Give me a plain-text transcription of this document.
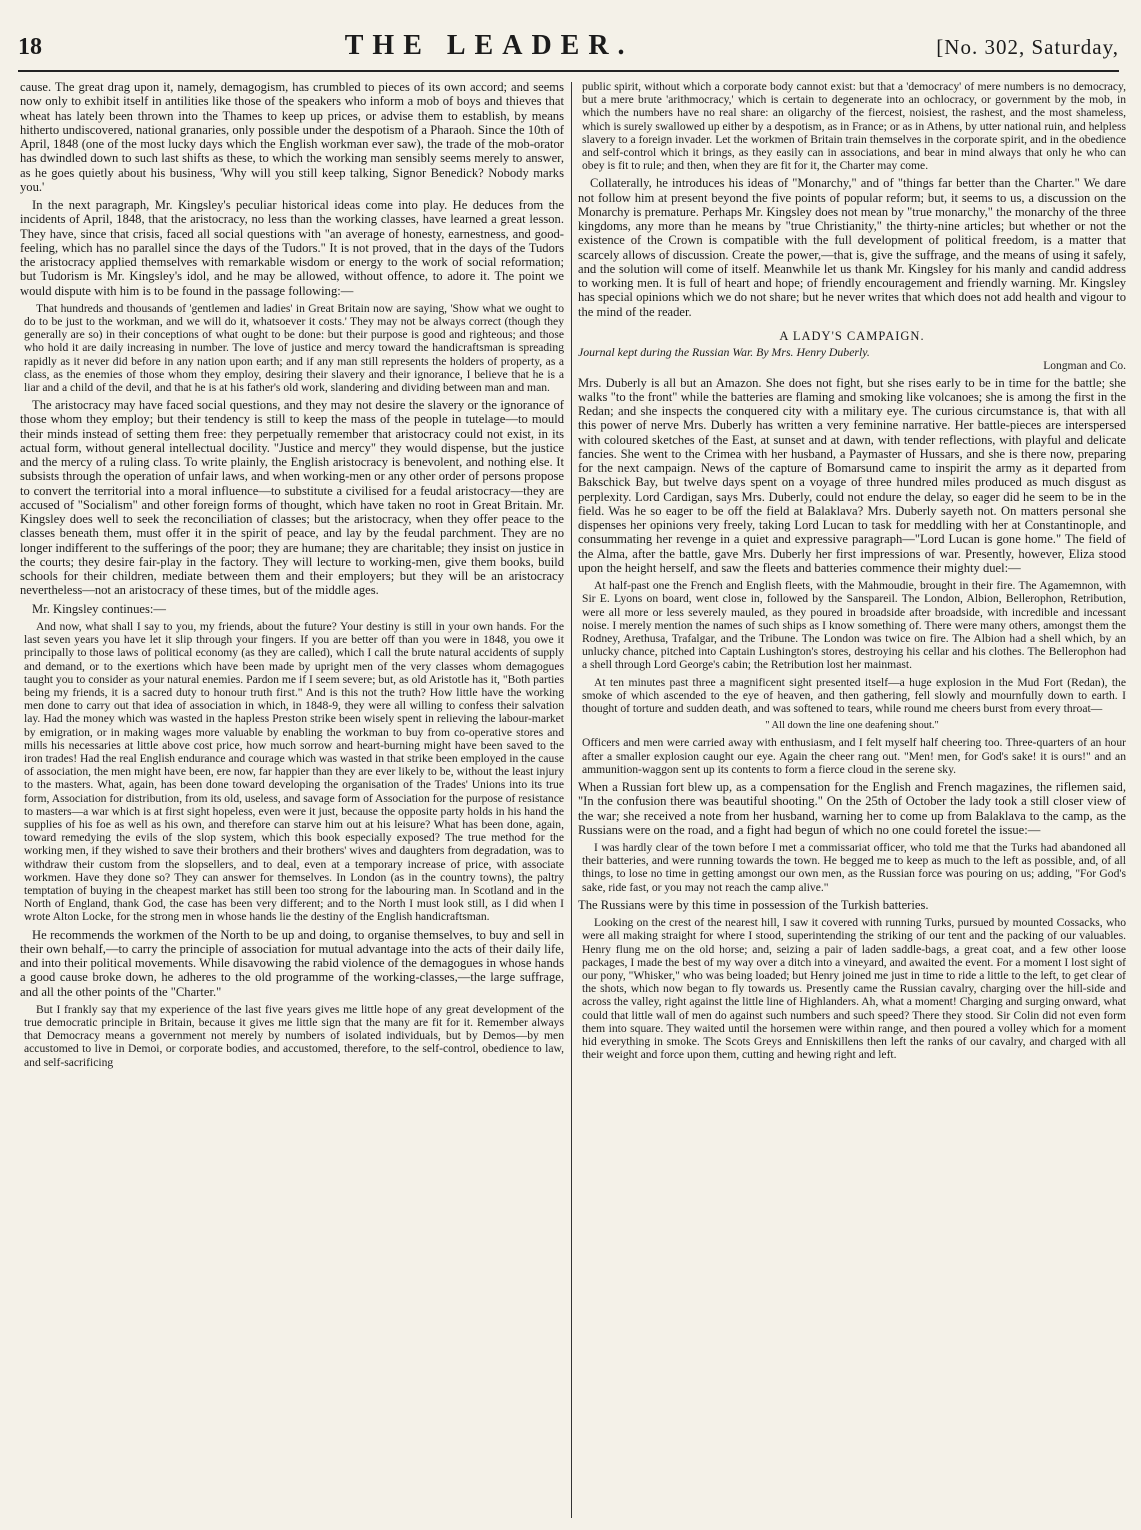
18	THE LEADER.	[No. 302, Saturday,

cause. The great drag upon it, namely, demagogism, has crumbled to pieces of its own accord; and seems now only to exhibit itself in antilities like those of the speakers who inform a mob of boys and thieves that wheat has lately been thrown into the Thames to keep up prices, or advise them to establish, by means hitherto undiscovered, national granaries, only possible under the despotism of a Pharaoh. Since the 10th of April, 1848 (one of the most lucky days which the English workman ever saw), the trade of the mob-orator has dwindled down to such last shifts as these, to which the working man sensibly seems merely to answer, as he goes quietly about his business, 'Why will you still keep talking, Signor Benedick? Nobody marks you.'

In the next paragraph, Mr. Kingsley's peculiar historical ideas come into play. He deduces from the incidents of April, 1848, that the aristocracy, no less than the working classes, have learned a great lesson. They have, since that crisis, faced all social questions with "an average of honesty, earnestness, and good-feeling, which has no parallel since the days of the Tudors." It is not proved, that in the days of the Tudors the aristocracy applied themselves with remarkable wisdom or energy to the work of social reformation; but Tudorism is Mr. Kingsley's idol, and he may be allowed, without offence, to adore it. The point we would dispute with him is to be found in the passage following:—

That hundreds and thousands of 'gentlemen and ladies' in Great Britain now are saying, 'Show what we ought to do to be just to the workman, and we will do it, whatsoever it costs.' They may not be always correct (though they generally are so) in their conceptions of what ought to be done: but their purpose is good and righteous; and those who hold it are daily increasing in number. The love of justice and mercy toward the handicraftsman is spreading rapidly as it never did before in any nation upon earth; and if any man still represents the holders of property, as a class, as the enemies of those whom they employ, desiring their slavery and their ignorance, I believe that he is a liar and a child of the devil, and that he is at his father's old work, slandering and dividing between man and man.

The aristocracy may have faced social questions, and they may not desire the slavery or the ignorance of those whom they employ; but their tendency is still to keep the mass of the people in tutelage—to mould their minds instead of setting them free: they perpetually remember that aristocracy could not exist, in its actual form, without general intellectual docility. "Justice and mercy" they would dispense, but the justice and the mercy of a ruling class. To write plainly, the English aristocracy is benevolent, and nothing else. It subsists through the operation of unfair laws, and when working-men or any other order of persons propose to convert the territorial into a moral influence—to substitute a civilised for a feudal aristocracy—they are accused of "Socialism" and other foreign forms of thought, which have taken no root in Great Britain. Mr. Kingsley does well to seek the reconciliation of classes; but the aristocracy, when they offer peace to the classes beneath them, must offer it in the spirit of peace, and lay by the feudal parchment. They are no longer indifferent to the sufferings of the poor; they are humane; they are charitable; they insist on justice in the courts; they desire fair-play in the factory. They will lecture to working-men, give them books, build schools for their children, mediate between them and their employers; but they will be an aristocracy nevertheless—not an aristocracy of these times, but of the middle ages.

Mr. Kingsley continues:—

And now, what shall I say to you, my friends, about the future? Your destiny is still in your own hands. For the last seven years you have let it slip through your fingers. If you are better off than you were in 1848, you owe it principally to those laws of political economy (as they are called), which I call the brute natural accidents of supply and demand, or to the exertions which have been made by upright men of the very classes whom demagogues taught you to consider as your natural enemies. Pardon me if I seem severe; but, as old Aristotle has it, "Both parties being my friends, it is a sacred duty to honour truth first." And is this not the truth? How little have the working men done to carry out that idea of association in which, in 1848-9, they were all willing to confess their salvation lay. Had the money which was wasted in the hapless Preston strike been wisely spent in relieving the labour-market by emigration, or in making wages more valuable by enabling the workman to buy from co-operative stores and mills his necessaries at little above cost price, how much sorrow and heart-burning might have been saved to the iron trades! Had the real English endurance and courage which was wasted in that strike been employed in the cause of association, the men might have been, ere now, far happier than they are ever likely to be, without the least injury to the masters. What, again, has been done toward developing the organisation of the Trades' Unions into its true form, Association for distribution, from its old, useless, and savage form of Association for the purpose of resistance to masters—a war which is at first sight hopeless, even were it just, because the opposite party holds in his hand the supplies of his foe as well as his own, and therefore can starve him out at his leisure? What has been done, again, toward remedying the evils of the slop system, which this book especially exposed? The true method for the working men, if they wished to save their brothers and their brothers' wives and daughters from degradation, was to withdraw their custom from the slopsellers, and to deal, even at a temporary increase of price, with associate workmen. Have they done so? They can answer for themselves. In London (as in the country towns), the paltry temptation of buying in the cheapest market has still been too strong for the labouring man. In Scotland and in the North of England, thank God, the case has been very different; and to the North I must look still, as I did when I wrote Alton Locke, for the strong men in whose hands lie the destiny of the English handicraftsman.

He recommends the workmen of the North to be up and doing, to organise themselves, to buy and sell in their own behalf,—to carry the principle of association for mutual advantage into the acts of their daily life, and into their political movements. While disavowing the rabid violence of the demagogues in whose hands a good cause broke down, he adheres to the old programme of the working-classes,—the large suffrage, and all the other points of the "Charter."

But I frankly say that my experience of the last five years gives me little hope of any great development of the true democratic principle in Britain, because it gives me little sign that the many are fit for it. Remember always that Democracy means a government not merely by numbers of isolated individuals, but by Demos—by men accustomed to live in Demoi, or corporate bodies, and accustomed, therefore, to the self-control, obedience to law, and self-sacrificing

public spirit, without which a corporate body cannot exist: but that a 'democracy' of mere numbers is no democracy, but a mere brute 'arithmocracy,' which is certain to degenerate into an ochlocracy, or government by the mob, in which the numbers have no real share: an oligarchy of the fiercest, noisiest, the rashest, and the most shameless, which is surely swallowed up either by a despotism, as in France; or as in Athens, by utter national ruin, and helpless slavery to a foreign invader. Let the workmen of Britain train themselves in the corporate spirit, and in the obedience and self-control which it brings, as they easily can in associations, and bear in mind always that only he who can obey is fit to rule; and then, when they are fit for it, the Charter may come.

Collaterally, he introduces his ideas of "Monarchy," and of "things far better than the Charter." We dare not follow him at present beyond the five points of popular reform; but, it seems to us, a discussion on the Monarchy is premature. Perhaps Mr. Kingsley does not mean by "true monarchy," the monarchy of the three kingdoms, any more than he means by "true Christianity," the thirty-nine articles; but whether or not the existence of the Crown is compatible with the full development of political freedom, is a matter that scarcely allows of discussion. Create the power,—that is, give the suffrage, and the means of using it safely, and the solution will come of itself. Meanwhile let us thank Mr. Kingsley for his manly and candid address to working men. It is full of heart and hope; of friendly encouragement and friendly warning. Mr. Kingsley has special opinions which we do not share; but he never writes that which does not add health and vigour to the mind of the reader.

A LADY'S CAMPAIGN.

Journal kept during the Russian War. By Mrs. Henry Duberly.

Longman and Co.

Mrs. Duberly is all but an Amazon. She does not fight, but she rises early to be in time for the battle; she walks "to the front" while the batteries are flaming and smoking like volcanoes; she is among the first in the Redan; and she inspects the conquered city with a military eye. The curious circumstance is, that with all this power of nerve Mrs. Duberly has written a very feminine narrative. Her battle-pieces are interspersed with coloured sketches of the East, at sunset and at dawn, with tender reflections, with playful and delicate fancies. She went to the Crimea with her husband, a Paymaster of Hussars, and she is there now, preparing for the next campaign. News of the capture of Bomarsund came to inspirit the army as it departed from Bakschick Bay, but twelve days spent on a voyage of three hundred miles produced as much disgust as perplexity. Lord Cardigan, says Mrs. Duberly, could not endure the delay, so eager did he seem to be in the field. Was he so eager to be off the field at Balaklava? Mrs. Duberly sayeth not. On matters personal she dispenses her opinions very freely, taking Lord Lucan to task for meddling with her at Constantinople, and consummating her revenge in a quiet and expressive paragraph—"Lord Lucan is gone home." The field of the Alma, after the battle, gave Mrs. Duberly her first impressions of war. Presently, however, Eliza stood upon the height herself, and saw the fleets and batteries commence their mighty duel:—

At half-past one the French and English fleets, with the Mahmoudie, brought in their fire. The Agamemnon, with Sir E. Lyons on board, went close in, followed by the Sanspareil. The London, Albion, Bellerophon, Retribution, were all more or less severely mauled, as they poured in broadside after broadside, with incredible and incessant noise. I merely mention the names of such ships as I know something of. There were many others, amongst them the Rodney, Arethusa, Trafalgar, and the Tribune. The London was twice on fire. The Albion had a shell which, by an unlucky chance, pitched into Captain Lushington's stores, destroying his cellar and his clothes. The Bellerophon had a shell through Lord George's cabin; the Retribution lost her mainmast.

At ten minutes past three a magnificent sight presented itself—a huge explosion in the Mud Fort (Redan), the smoke of which ascended to the eye of heaven, and then gathering, fell slowly and mournfully down to earth. I thought of torture and sudden death, and was softened to tears, while round me cheers burst from every throat—

" All down the line one deafening shout."

Officers and men were carried away with enthusiasm, and I felt myself half cheering too. Three-quarters of an hour after a smaller explosion caught our eye. Again the cheer rang out. "Men! men, for God's sake! it is ours!" and an ammunition-waggon sent up its contents to form a fierce cloud in the serene sky.

When a Russian fort blew up, as a compensation for the English and French magazines, the riflemen said, "In the confusion there was beautiful shooting." On the 25th of October the lady took a still closer view of the war; she received a note from her husband, warning her to come up from Balaklava to the camp, as the Russians were on the road, and a fight had begun of which no one could foretel the issue:—

I was hardly clear of the town before I met a commissariat officer, who told me that the Turks had abandoned all their batteries, and were running towards the town. He begged me to keep as much to the left as possible, and, of all things, to lose no time in getting amongst our own men, as the Russian force was pouring on us; adding, "For God's sake, ride fast, or you may not reach the camp alive."

The Russians were by this time in possession of the Turkish batteries.

Looking on the crest of the nearest hill, I saw it covered with running Turks, pursued by mounted Cossacks, who were all making straight for where I stood, superintending the striking of our tent and the packing of our valuables. Henry flung me on the old horse; and, seizing a pair of laden saddle-bags, a great coat, and a few other loose packages, I made the best of my way over a ditch into a vineyard, and awaited the event. For a moment I lost sight of our pony, "Whisker," who was being loaded; but Henry joined me just in time to ride a little to the left, to get clear of the shots, which now began to fly towards us. Presently came the Russian cavalry, charging over the hill-side and across the valley, right against the little line of Highlanders. Ah, what a moment! Charging and surging onward, what could that little wall of men do against such numbers and such speed? There they stood. Sir Colin did not even form them into square. They waited until the horsemen were within range, and then poured a volley which for a moment hid everything in smoke. The Scots Greys and Enniskillens then left the ranks of our cavalry, and charged with all their weight and force upon them, cutting and hewing right and left.
